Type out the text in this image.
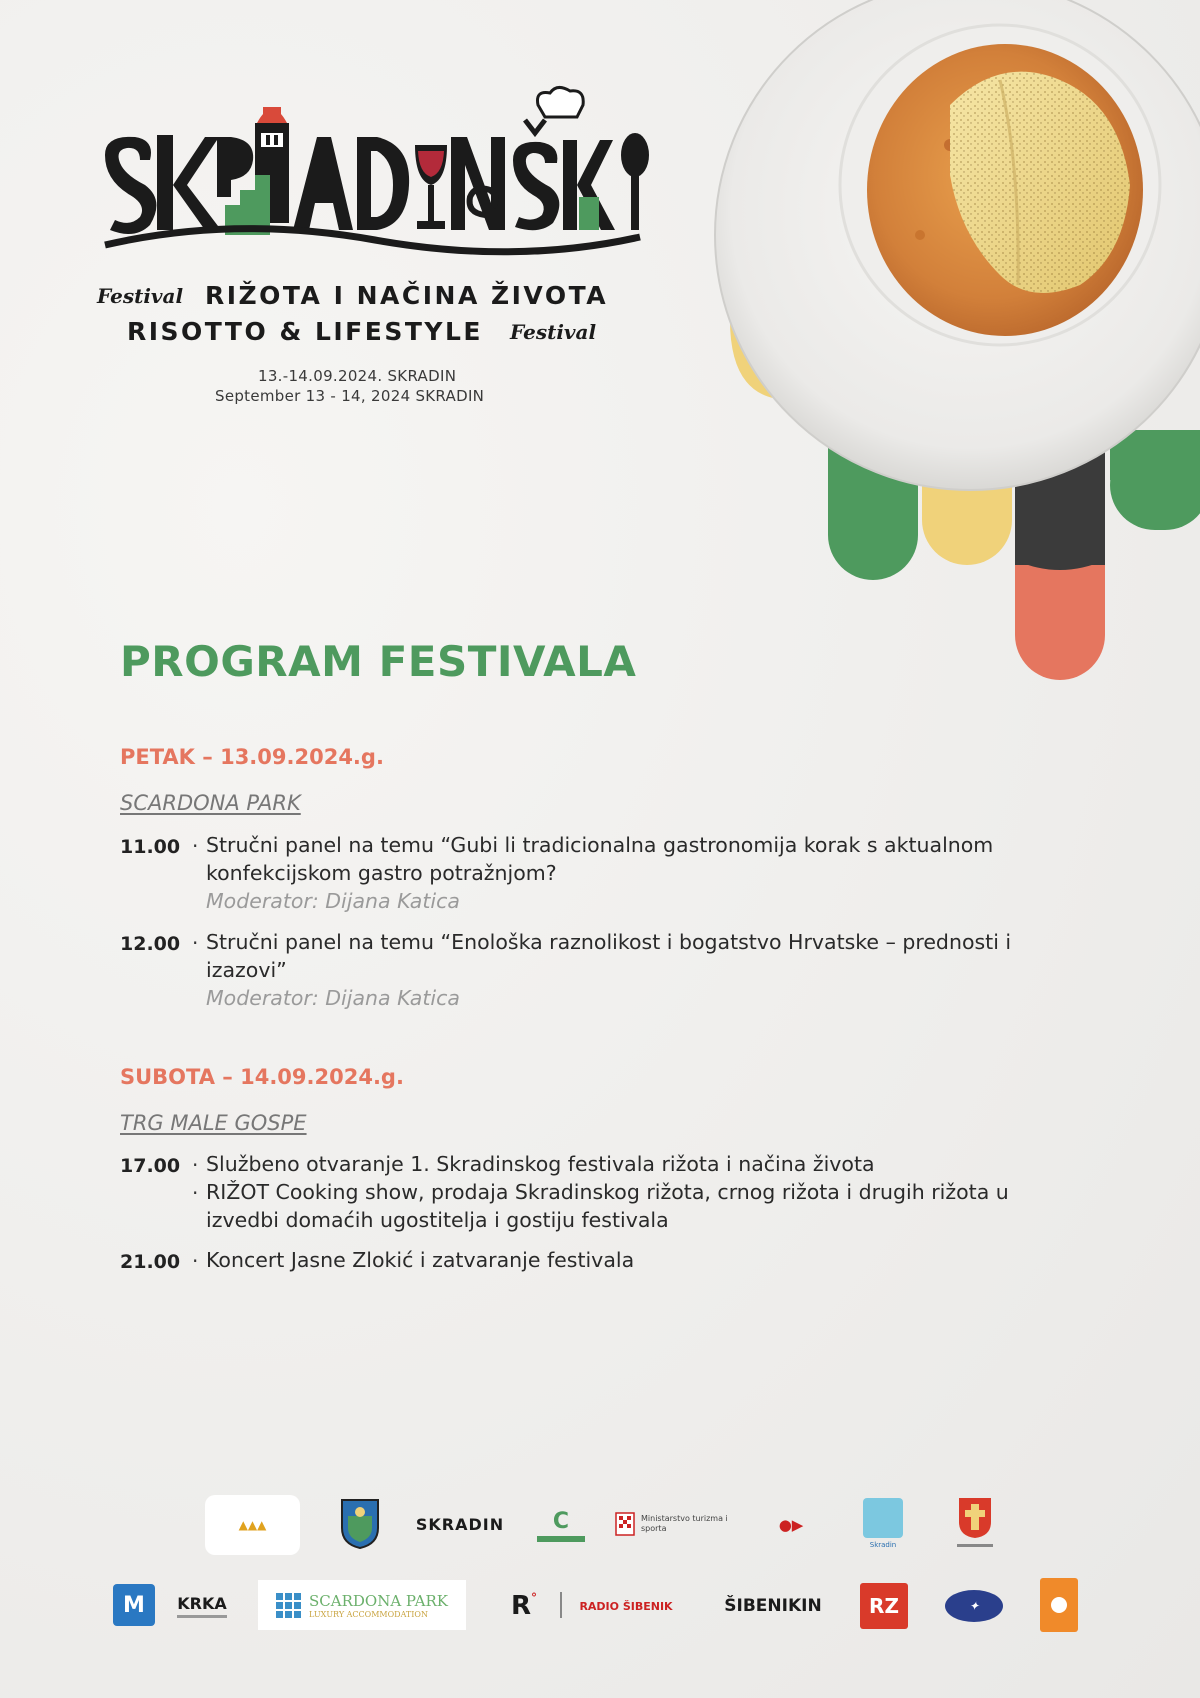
Festival RIŽOTA I NAČINA ŽIVOTA
RISOTTO & LIFESTYLE Festival
13.-14.09.2024. SKRADIN
September 13 - 14, 2024 SKRADIN
PROGRAM FESTIVALA
PETAK – 13.09.2024.g.
SCARDONA PARK
11.00 · Stručni panel na temu “Gubi li tradicionalna gastronomija korak s aktualnom konfekcijskom gastro potražnjom?
Moderator: Dijana Katica
12.00 · Stručni panel na temu “Enološka raznolikost i bogatstvo Hrvatske – prednosti i izazovi”
Moderator: Dijana Katica
SUBOTA – 14.09.2024.g.
TRG MALE GOSPE
17.00 · Službeno otvaranje 1. Skradinskog festivala rižota i načina života
· RIŽOT Cooking show, prodaja Skradinskog rižota, crnog rižota i drugih rižota u izvedbi domaćih ugostitelja i gostiju festivala
21.00 · Koncert Jasne Zlokić i zatvaranje festivala
▲▲▲	SKRADIN C	Ministarstvo turizma i sporta	●▶
Skradin
M KRKA	SCARDONA PARK
LUXURY ACCOMMODATION	R°
RADIO ŠIBENIK	ŠIBENIKIN RZ	✦
